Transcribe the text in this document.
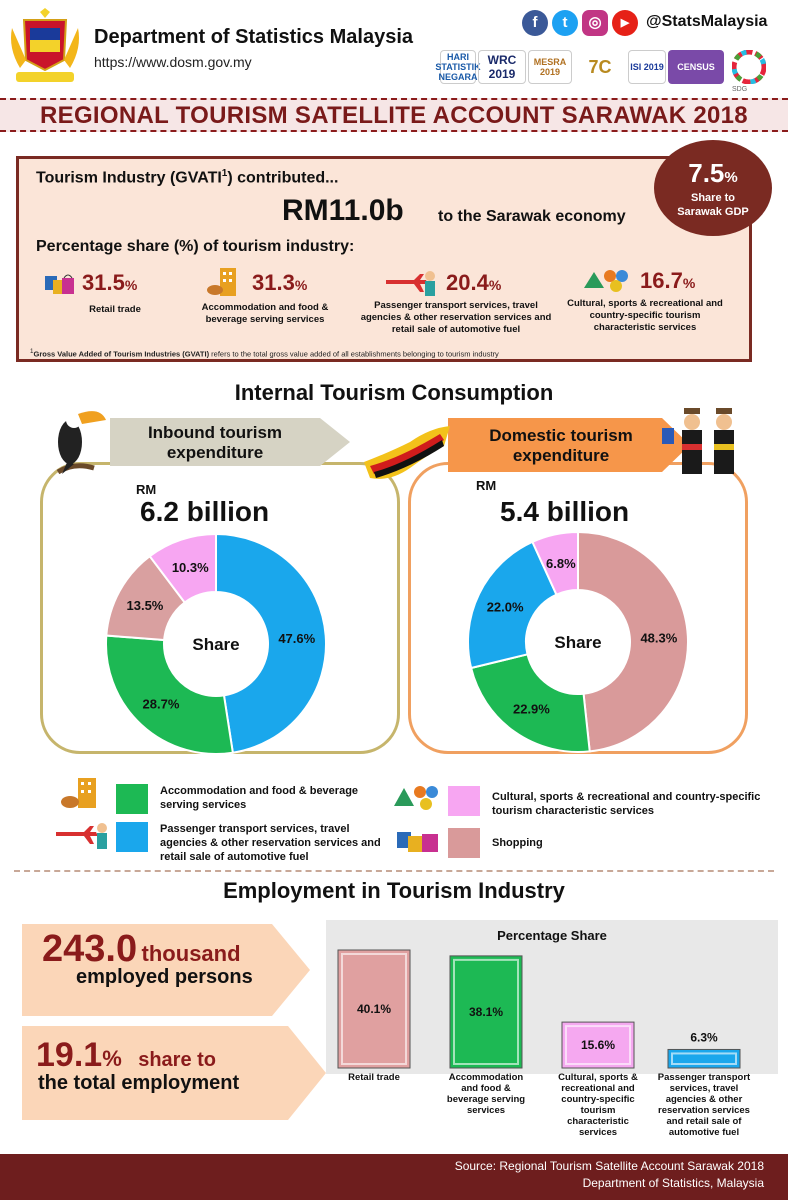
Department of Statistics Malaysia
https://www.dosm.gov.my
f	t	◎	▶	@StatsMalaysia
HARI STATISTIK NEGARA
WRC 2019
MESRA 2019	7C	ISI 2019	CENSUS
SDG
REGIONAL TOURISM SATELLITE ACCOUNT SARAWAK 2018
Tourism Industry (GVATI$^1$) contributed...
RM11.0b to the Sarawak economy
Percentage share (%) of tourism industry:
7.5%
Share to Sarawak GDP
31.5%
Retail trade
31.3%
Accommodation and food & beverage serving services
20.4%
Passenger transport services, travel agencies & other reservation services and retail sale of automotive fuel
16.7%
Cultural, sports & recreational and country-specific tourism characteristic services
$^1$Gross Value Added of Tourism Industries (GVATI) refers to the total gross value added of all establishments belonging to tourism industry
Internal Tourism Consumption
Inbound tourism expenditure
Domestic tourism expenditure
RM
6.2 billion
RM
5.4 billion
47.6%
28.7%
13.5%
10.3%
Share	48.3%
22.9%
22.0%
6.8%
Share
Accommodation and food & beverage serving services
Passenger transport services, travel agencies & other reservation services and retail sale of automotive fuel
Cultural, sports & recreational and country-specific tourism characteristic services
Shopping
Employment in Tourism Industry
243.0 thousand
employed persons
19.1% share to
the total employment
Percentage Share
40.1%	38.1%
15.6%
6.3%
Retail trade	Accommodation and food & beverage serving services
Cultural, sports & recreational and country-specific tourism characteristic services
Passenger transport services, travel agencies & other reservation services and retail sale of automotive fuel
Source: Regional Tourism Satellite Account Sarawak 2018
Department of Statistics, Malaysia
